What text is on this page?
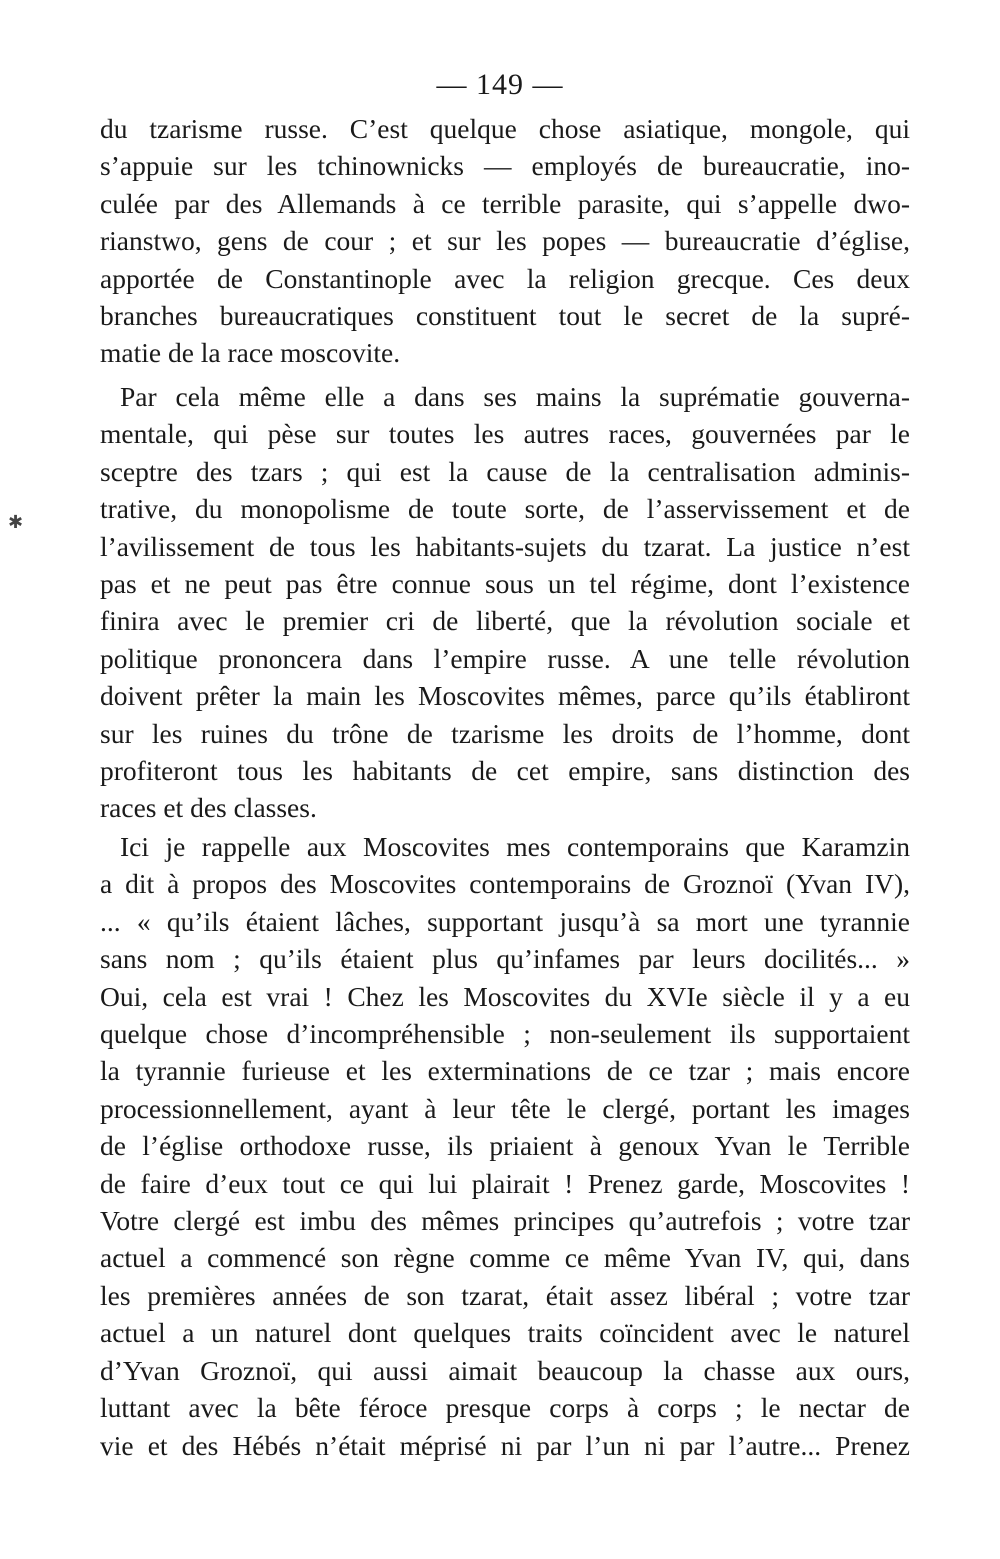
— 149 —
du tzarisme russe. C’est quelque chose asiatique, mongole, qui
s’appuie sur les tchinownicks — employés de bureaucratie, ino-
culée par des Allemands à ce terrible parasite, qui s’appelle dwo-
rianstwo, gens de cour ; et sur les popes — bureaucratie d’église,
apportée de Constantinople avec la religion grecque. Ces deux
branches bureaucratiques constituent tout le secret de la supré-
matie de la race moscovite.
Par cela même elle a dans ses mains la suprématie gouverna-
mentale, qui pèse sur toutes les autres races, gouvernées par le
sceptre des tzars ; qui est la cause de la centralisation adminis-
trative, du monopolisme de toute sorte, de l’asservissement et de
l’avilissement de tous les habitants-sujets du tzarat. La justice n’est
pas et ne peut pas être connue sous un tel régime, dont l’existence
finira avec le premier cri de liberté, que la révolution sociale et
politique prononcera dans l’empire russe. A une telle révolution
doivent prêter la main les Moscovites mêmes, parce qu’ils établiront
sur les ruines du trône de tzarisme les droits de l’homme, dont
profiteront tous les habitants de cet empire, sans distinction des
races et des classes.
Ici je rappelle aux Moscovites mes contemporains que Karamzin
a dit à propos des Moscovites contemporains de Groznoï (Yvan IV),
... « qu’ils étaient lâches, supportant jusqu’à sa mort une tyrannie
sans nom ; qu’ils étaient plus qu’infames par leurs docilités... »
Oui, cela est vrai ! Chez les Moscovites du XVIe siècle il y a eu
quelque chose d’incompréhensible ; non-seulement ils supportaient
la tyrannie furieuse et les exterminations de ce tzar ; mais encore
processionnellement, ayant à leur tête le clergé, portant les images
de l’église orthodoxe russe, ils priaient à genoux Yvan le Terrible
de faire d’eux tout ce qui lui plairait ! Prenez garde, Moscovites !
Votre clergé est imbu des mêmes principes qu’autrefois ; votre tzar
actuel a commencé son règne comme ce même Yvan IV, qui, dans
les premières années de son tzarat, était assez libéral ; votre tzar
actuel a un naturel dont quelques traits coïncident avec le naturel
d’Yvan Groznoï, qui aussi aimait beaucoup la chasse aux ours,
luttant avec la bête féroce presque corps à corps ; le nectar de
vie et des Hébés n’était méprisé ni par l’un ni par l’autre... Prenez
✱
